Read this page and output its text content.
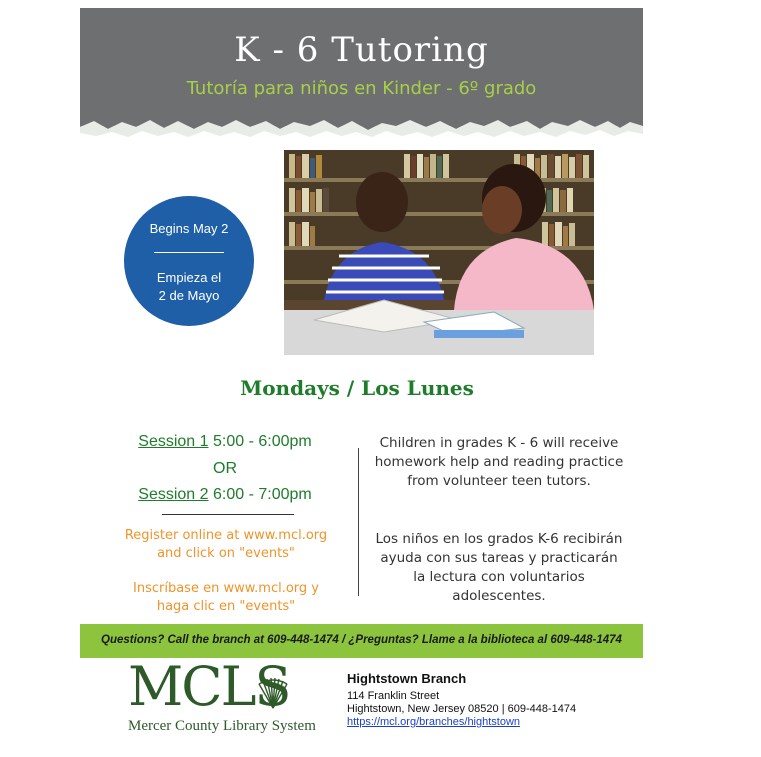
K - 6 Tutoring
Tutoría para niños en Kinder - 6º grado
Begins May 2
Empieza el
2 de Mayo
Mondays / Los Lunes
Session 1 5:00 - 6:00pm
OR
Session 2 6:00 - 7:00pm
Register online at www.mcl.org
and click on "events"
Inscríbase en www.mcl.org y
haga clic en "events"
Children in grades K - 6 will receive
homework help and reading practice
from volunteer teen tutors.
Los niños en los grados K-6 recibirán
ayuda con sus tareas y practicarán
la lectura con voluntarios
adolescentes.
Questions? Call the branch at 609-448-1474 / ¿Preguntas? Llame a la biblioteca al 609-448-1474
MCLS
Mercer County Library System
Hightstown Branch
114 Franklin Street
Hightstown, New Jersey 08520 | 609-448-1474
https://mcl.org/branches/hightstown
